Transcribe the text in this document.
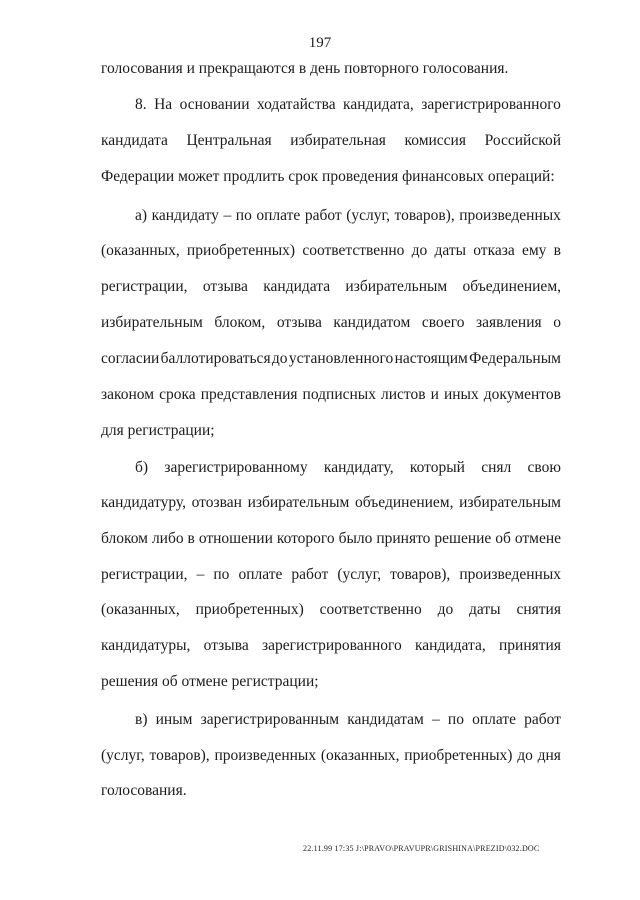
197
голосования и прекращаются в день повторного голосования.
8. На основании ходатайства кандидата, зарегистрированного
кандидата Центральная избирательная комиссия Российской
Федерации может продлить срок проведения финансовых операций:
а) кандидату – по оплате работ (услуг, товаров), произведенных
(оказанных, приобретенных) соответственно до даты отказа ему в
регистрации, отзыва кандидата избирательным объединением,
избирательным блоком, отзыва кандидатом своего заявления о
согласии баллотироваться до установленного настоящим Федеральным
законом срока представления подписных листов и иных документов
для регистрации;
б) зарегистрированному кандидату, который снял свою
кандидатуру, отозван избирательным объединением, избирательным
блоком либо в отношении которого было принято решение об отмене
регистрации, – по оплате работ (услуг, товаров), произведенных
(оказанных, приобретенных) соответственно до даты снятия
кандидатуры, отзыва зарегистрированного кандидата, принятия
решения об отмене регистрации;
в) иным зарегистрированным кандидатам – по оплате работ
(услуг, товаров), произведенных (оказанных, приобретенных) до дня
голосования.
22.11.99 17:35 J:\PRAVO\PRAVUPR\GRISHINA\PREZID\032.DOC
